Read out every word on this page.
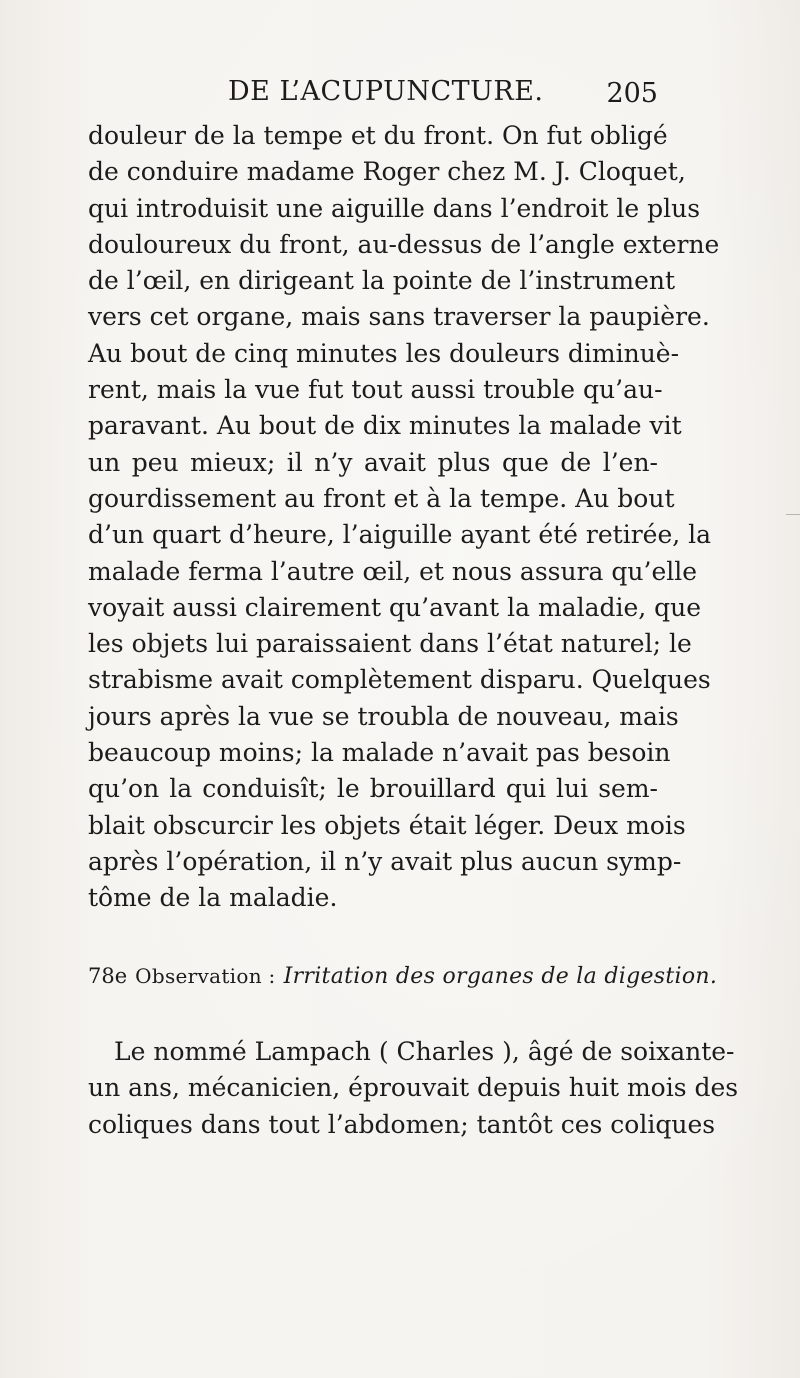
DE L’ACUPUNCTURE. 205
douleur de la tempe et du front. On fut obligé
de conduire madame Roger chez M. J. Cloquet,
qui introduisit une aiguille dans l’endroit le plus
douloureux du front, au-dessus de l’angle externe
de l’œil, en dirigeant la pointe de l’instrument
vers cet organe, mais sans traverser la paupière.
Au bout de cinq minutes les douleurs diminuè-
rent, mais la vue fut tout aussi trouble qu’au-
paravant. Au bout de dix minutes la malade vit
un peu mieux; il n’y avait plus que de l’en-
gourdissement au front et à la tempe. Au bout
d’un quart d’heure, l’aiguille ayant été retirée, la
malade ferma l’autre œil, et nous assura qu’elle
voyait aussi clairement qu’avant la maladie, que
les objets lui paraissaient dans l’état naturel; le
strabisme avait complètement disparu. Quelques
jours après la vue se troubla de nouveau, mais
beaucoup moins; la malade n’avait pas besoin
qu’on la conduisît; le brouillard qui lui sem-
blait obscurcir les objets était léger. Deux mois
après l’opération, il n’y avait plus aucun symp-
tôme de la maladie.
78e Observation : Irritation des organes de la digestion.
Le nommé Lampach ( Charles ), âgé de soixante-
un ans, mécanicien, éprouvait depuis huit mois des
coliques dans tout l’abdomen; tantôt ces coliques
